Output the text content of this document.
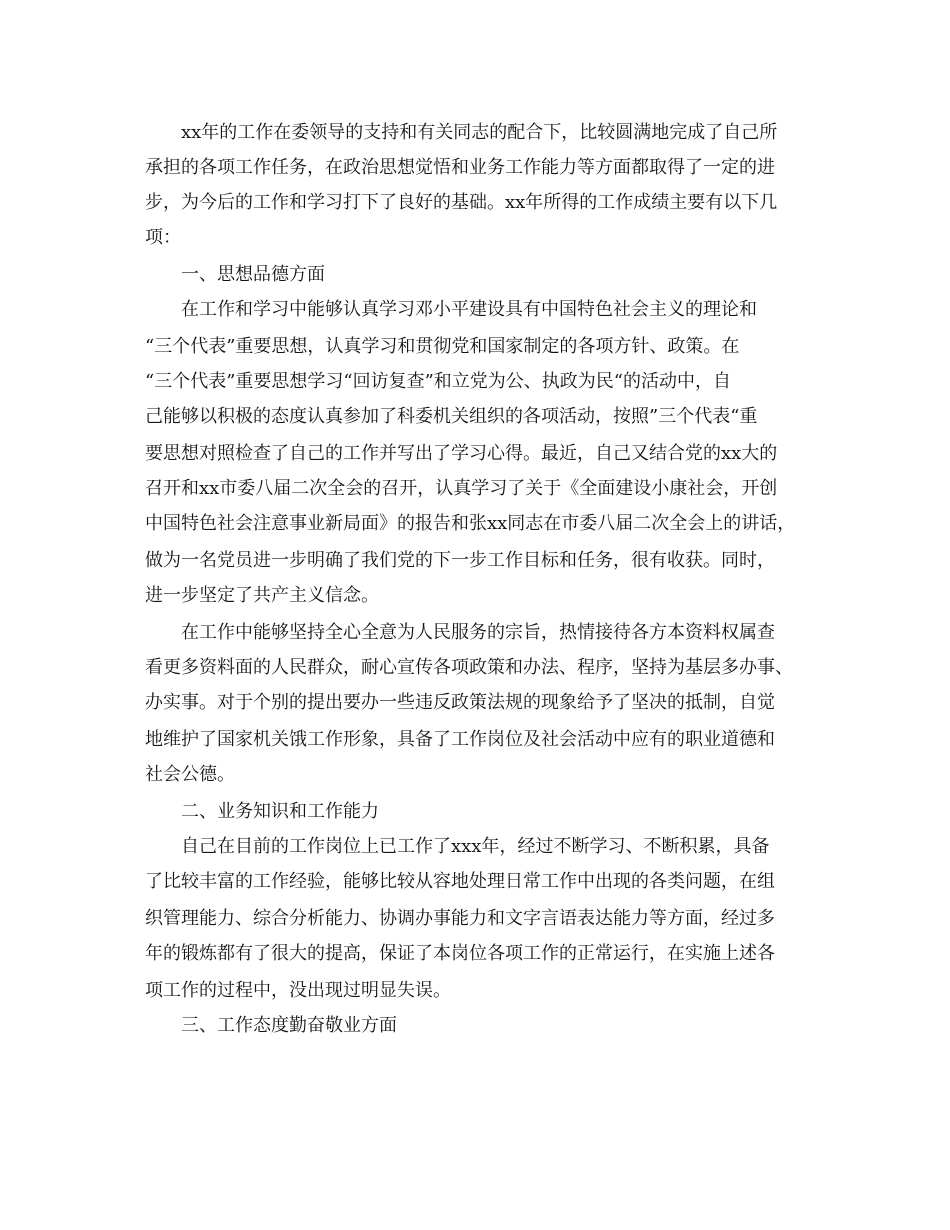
xx年的工作在委领导的支持和有关同志的配合下，比较圆满地完成了自己所
承担的各项工作任务，在政治思想觉悟和业务工作能力等方面都取得了一定的进
步，为今后的工作和学习打下了良好的基础。xx年所得的工作成绩主要有以下几
项：
一、思想品德方面
在工作和学习中能够认真学习邓小平建设具有中国特色社会主义的理论和
“三个代表”重要思想，认真学习和贯彻党和国家制定的各项方针、政策。在
“三个代表”重要思想学习“回访复查”和立党为公、执政为民“的活动中，自
己能够以积极的态度认真参加了科委机关组织的各项活动，按照”三个代表“重
要思想对照检查了自己的工作并写出了学习心得。最近，自己又结合党的xx大的
召开和xx市委八届二次全会的召开，认真学习了关于《全面建设小康社会，开创
中国特色社会注意事业新局面》的报告和张xx同志在市委八届二次全会上的讲话，
做为一名党员进一步明确了我们党的下一步工作目标和任务，很有收获。同时，
进一步坚定了共产主义信念。
在工作中能够坚持全心全意为人民服务的宗旨，热情接待各方本资料权属查
看更多资料面的人民群众，耐心宣传各项政策和办法、程序，坚持为基层多办事、
办实事。对于个别的提出要办一些违反政策法规的现象给予了坚决的抵制，自觉
地维护了国家机关饿工作形象，具备了工作岗位及社会活动中应有的职业道德和
社会公德。
二、业务知识和工作能力
自己在目前的工作岗位上已工作了xxx年，经过不断学习、不断积累，具备
了比较丰富的工作经验，能够比较从容地处理日常工作中出现的各类问题，在组
织管理能力、综合分析能力、协调办事能力和文字言语表达能力等方面，经过多
年的锻炼都有了很大的提高，保证了本岗位各项工作的正常运行，在实施上述各
项工作的过程中，没出现过明显失误。
三、工作态度勤奋敬业方面
